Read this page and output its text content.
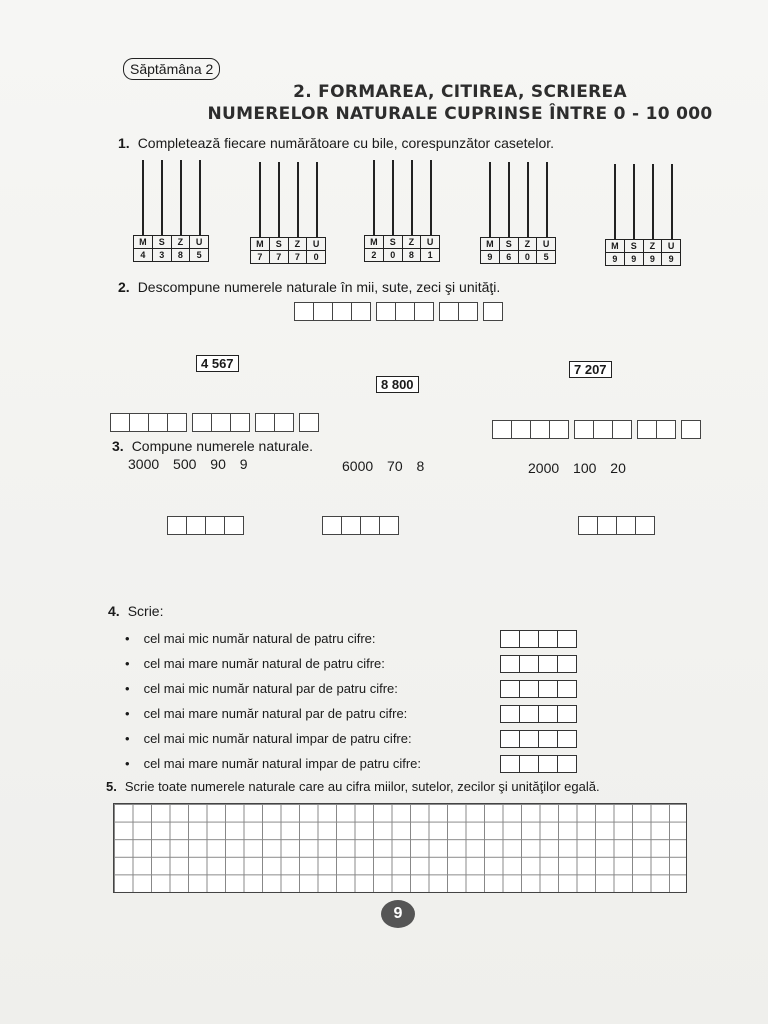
Săptămâna 2
2. FORMAREA, CITIREA, SCRIEREA
NUMERELOR NATURALE CUPRINSE ÎNTRE 0 - 10 000
1. Completează fiecare numărătoare cu bile, corespunzător casetelor.
M	S	Z	U
4	3	8	5
M	S	Z	U
7	7	7	0
M	S	Z	U
2	0	8	1
M	S	Z	U
9	6	0	5
M	S	Z	U
9	9	9	9
2. Descompune numerele naturale în mii, sute, zeci şi unităţi.
4 567
8 800
7 207
3. Compune numerele naturale.
3000 500 90 9	6000 70 8	2000 100 20
4. Scrie:
• cel mai mic număr natural de patru cifre:
• cel mai mare număr natural de patru cifre:
• cel mai mic număr natural par de patru cifre:
• cel mai mare număr natural par de patru cifre:
• cel mai mic număr natural impar de patru cifre:
• cel mai mare număr natural impar de patru cifre:
5. Scrie toate numerele naturale care au cifra miilor, sutelor, zecilor şi unităţilor egală.
9
